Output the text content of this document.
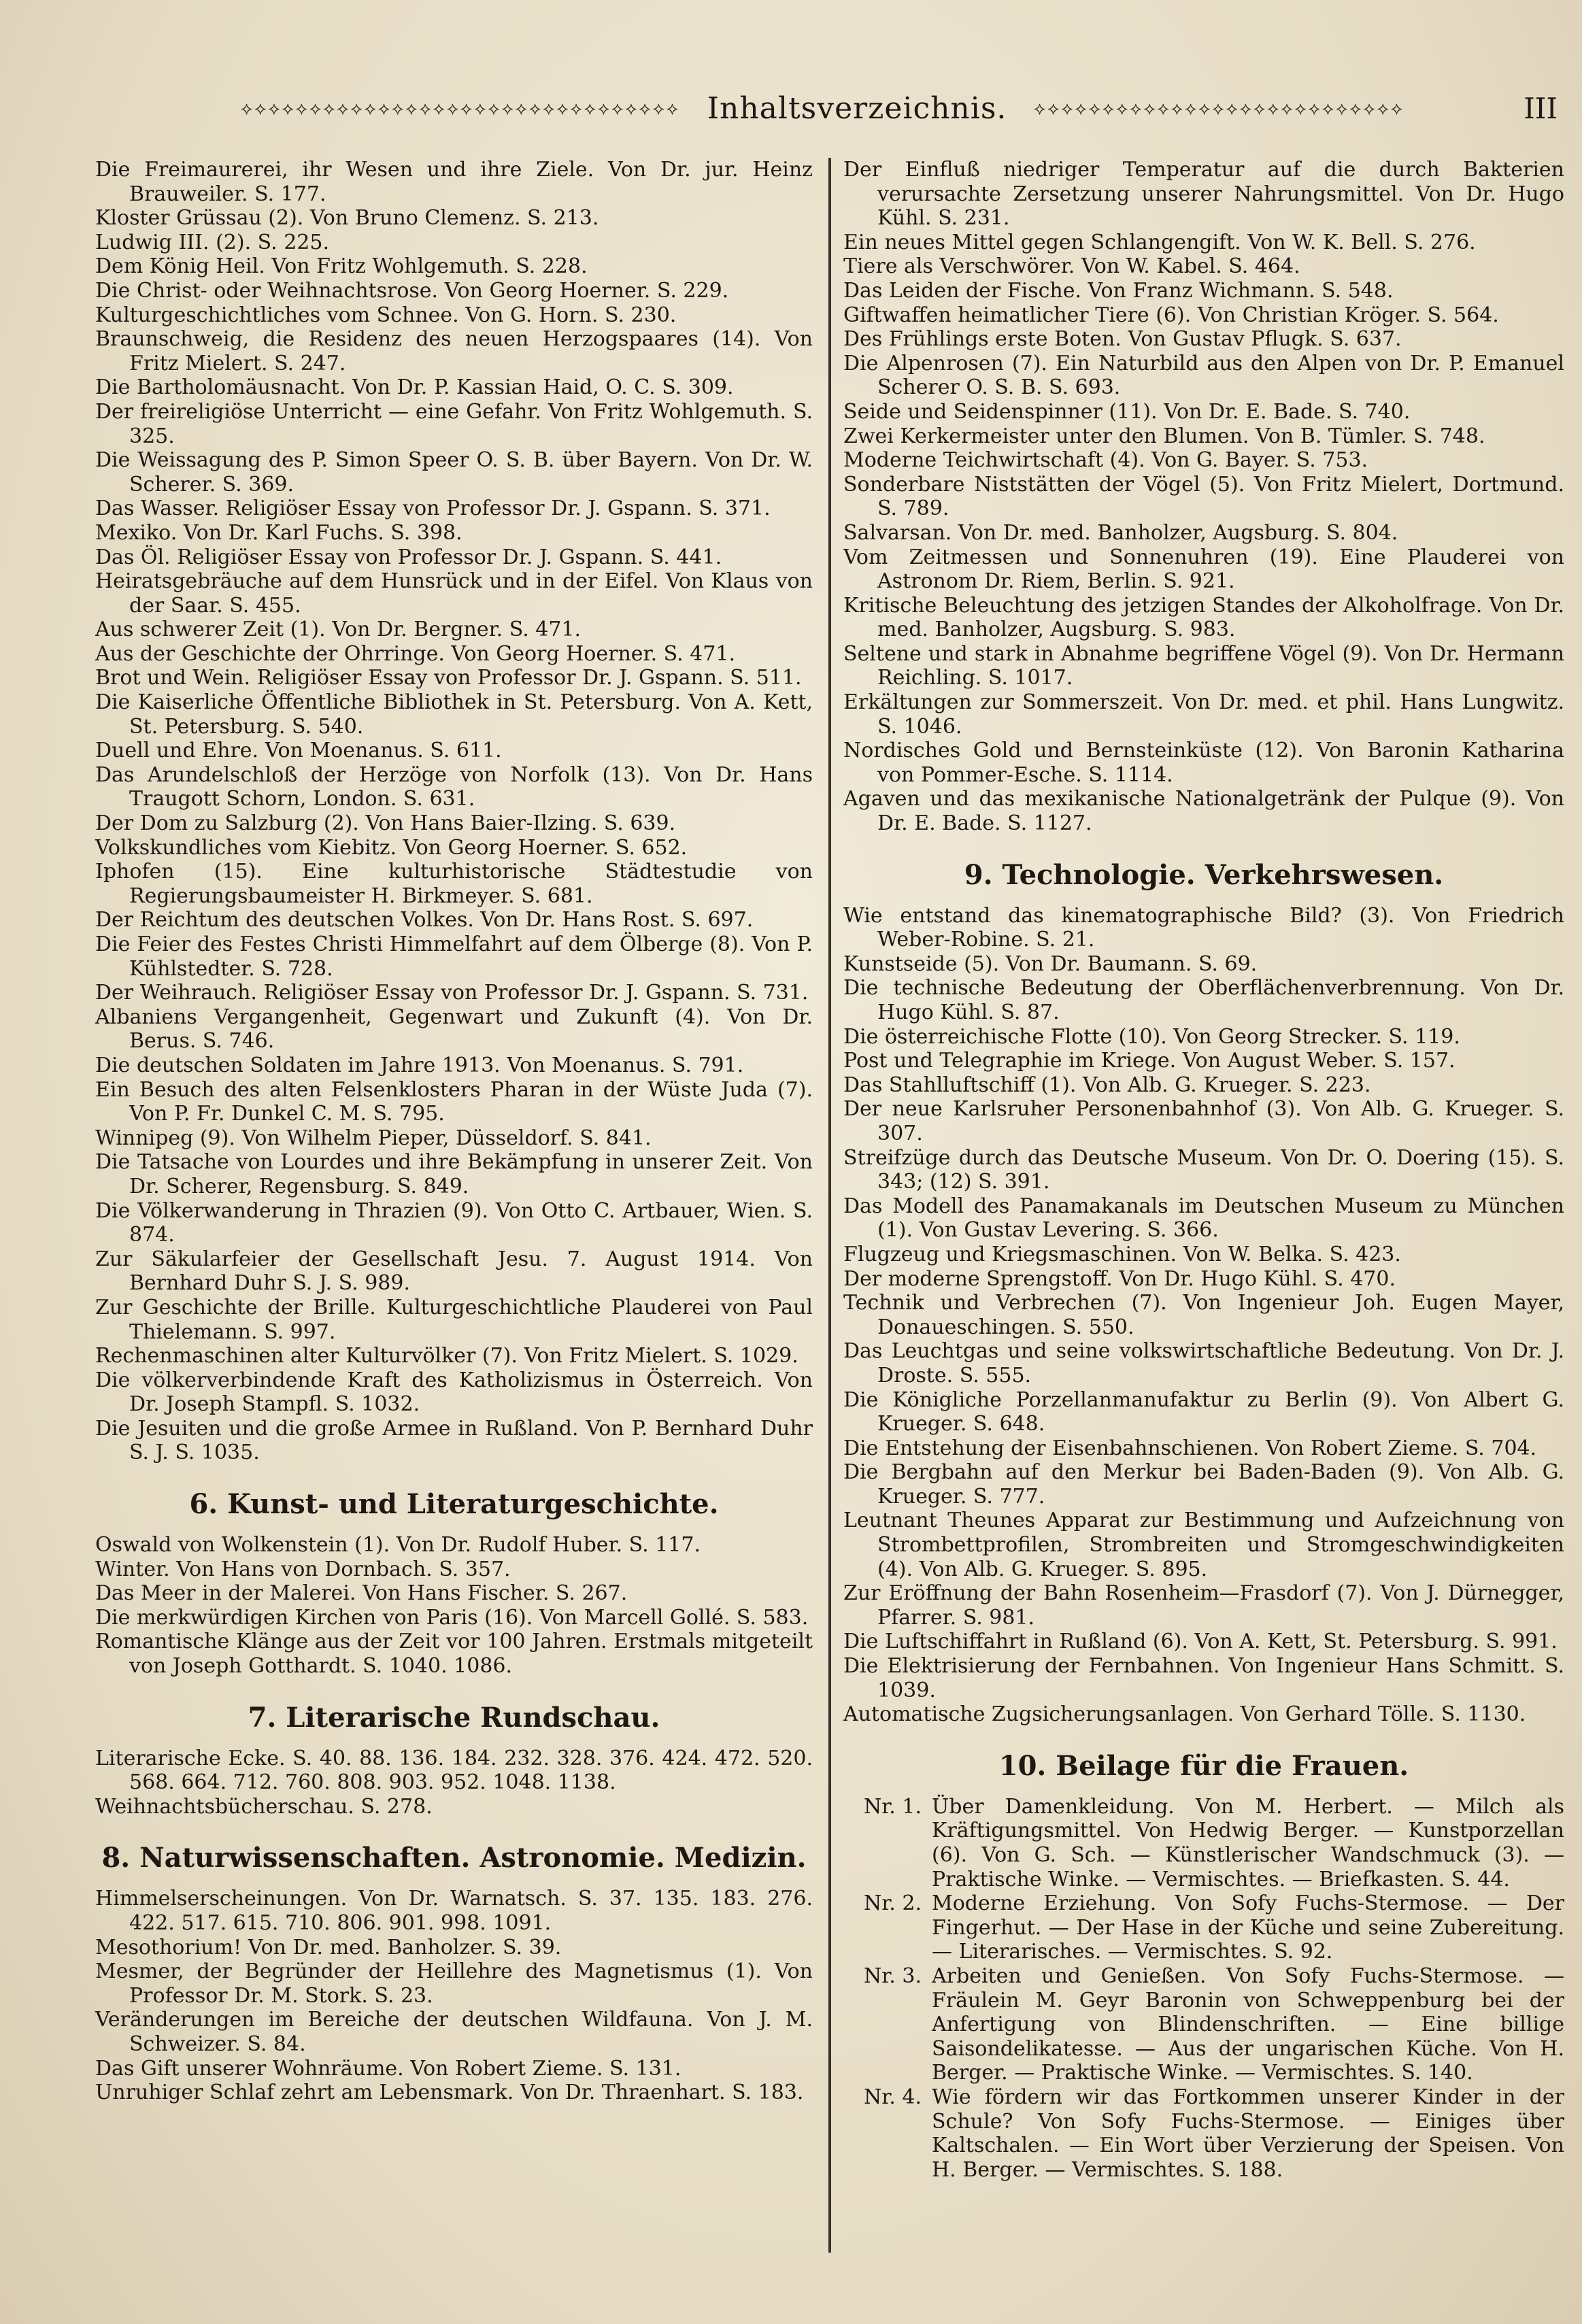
⟡⟡⟡⟡⟡⟡⟡⟡⟡⟡⟡⟡⟡⟡⟡⟡⟡⟡⟡⟡⟡⟡⟡⟡⟡⟡⟡⟡⟡⟡⟡⟡ Inhaltsverzeichnis.	⟡⟡⟡⟡⟡⟡⟡⟡⟡⟡⟡⟡⟡⟡⟡⟡⟡⟡⟡⟡⟡⟡⟡⟡⟡⟡⟡	III

Die Freimaurerei, ihr Wesen und ihre Ziele. Von Dr. jur. Heinz Brauweiler. S. 177.

Kloster Grüssau (2). Von Bruno Clemenz. S. 213.

Ludwig III. (2). S. 225.

Dem König Heil. Von Fritz Wohlgemuth. S. 228.

Die Christ- oder Weihnachtsrose. Von Georg Hoerner. S. 229.

Kulturgeschichtliches vom Schnee. Von G. Horn. S. 230.

Braunschweig, die Residenz des neuen Herzogspaares (14). Von Fritz Mielert. S. 247.

Die Bartholomäusnacht. Von Dr. P. Kassian Haid, O. C. S. 309.

Der freireligiöse Unterricht — eine Gefahr. Von Fritz Wohlgemuth. S. 325.

Die Weissagung des P. Simon Speer O. S. B. über Bayern. Von Dr. W. Scherer. S. 369.

Das Wasser. Religiöser Essay von Professor Dr. J. Gspann. S. 371.

Mexiko. Von Dr. Karl Fuchs. S. 398.

Das Öl. Religiöser Essay von Professor Dr. J. Gspann. S. 441.

Heiratsgebräuche auf dem Hunsrück und in der Eifel. Von Klaus von der Saar. S. 455.

Aus schwerer Zeit (1). Von Dr. Bergner. S. 471.

Aus der Geschichte der Ohrringe. Von Georg Hoerner. S. 471.

Brot und Wein. Religiöser Essay von Professor Dr. J. Gspann. S. 511.

Die Kaiserliche Öffentliche Bibliothek in St. Petersburg. Von A. Kett, St. Petersburg. S. 540.

Duell und Ehre. Von Moenanus. S. 611.

Das Arundelschloß der Herzöge von Norfolk (13). Von Dr. Hans Traugott Schorn, London. S. 631.

Der Dom zu Salzburg (2). Von Hans Baier-Ilzing. S. 639.

Volkskundliches vom Kiebitz. Von Georg Hoerner. S. 652.

Iphofen (15). Eine kulturhistorische Städtestudie von Regierungsbaumeister H. Birkmeyer. S. 681.

Der Reichtum des deutschen Volkes. Von Dr. Hans Rost. S. 697.

Die Feier des Festes Christi Himmelfahrt auf dem Ölberge (8). Von P. Kühlstedter. S. 728.

Der Weihrauch. Religiöser Essay von Professor Dr. J. Gspann. S. 731.

Albaniens Vergangenheit, Gegenwart und Zukunft (4). Von Dr. Berus. S. 746.

Die deutschen Soldaten im Jahre 1913. Von Moenanus. S. 791.

Ein Besuch des alten Felsenklosters Pharan in der Wüste Juda (7). Von P. Fr. Dunkel C. M. S. 795.

Winnipeg (9). Von Wilhelm Pieper, Düsseldorf. S. 841.

Die Tatsache von Lourdes und ihre Bekämpfung in unserer Zeit. Von Dr. Scherer, Regensburg. S. 849.

Die Völkerwanderung in Thrazien (9). Von Otto C. Artbauer, Wien. S. 874.

Zur Säkularfeier der Gesellschaft Jesu. 7. August 1914. Von Bernhard Duhr S. J. S. 989.

Zur Geschichte der Brille. Kulturgeschichtliche Plauderei von Paul Thielemann. S. 997.

Rechenmaschinen alter Kulturvölker (7). Von Fritz Mielert. S. 1029.

Die völkerverbindende Kraft des Katholizismus in Österreich. Von Dr. Joseph Stampfl. S. 1032.

Die Jesuiten und die große Armee in Rußland. Von P. Bernhard Duhr S. J. S. 1035.

6. Kunst- und Literaturgeschichte.

Oswald von Wolkenstein (1). Von Dr. Rudolf Huber. S. 117.

Winter. Von Hans von Dornbach. S. 357.

Das Meer in der Malerei. Von Hans Fischer. S. 267.

Die merkwürdigen Kirchen von Paris (16). Von Marcell Gollé. S. 583.

Romantische Klänge aus der Zeit vor 100 Jahren. Erstmals mitgeteilt von Joseph Gotthardt. S. 1040. 1086.

7. Literarische Rundschau.

Literarische Ecke. S. 40. 88. 136. 184. 232. 328. 376. 424. 472. 520. 568. 664. 712. 760. 808. 903. 952. 1048. 1138.

Weihnachtsbücherschau. S. 278.

8. Naturwissenschaften. Astronomie. Medizin.

Himmelserscheinungen. Von Dr. Warnatsch. S. 37. 135. 183. 276. 422. 517. 615. 710. 806. 901. 998. 1091.

Mesothorium! Von Dr. med. Banholzer. S. 39.

Mesmer, der Begründer der Heillehre des Magnetismus (1). Von Professor Dr. M. Stork. S. 23.

Veränderungen im Bereiche der deutschen Wildfauna. Von J. M. Schweizer. S. 84.

Das Gift unserer Wohnräume. Von Robert Zieme. S. 131.

Unruhiger Schlaf zehrt am Lebensmark. Von Dr. Thraenhart. S. 183.

Der Einfluß niedriger Temperatur auf die durch Bakterien verursachte Zersetzung unserer Nahrungsmittel. Von Dr. Hugo Kühl. S. 231.

Ein neues Mittel gegen Schlangengift. Von W. K. Bell. S. 276.

Tiere als Verschwörer. Von W. Kabel. S. 464.

Das Leiden der Fische. Von Franz Wichmann. S. 548.

Giftwaffen heimatlicher Tiere (6). Von Christian Kröger. S. 564.

Des Frühlings erste Boten. Von Gustav Pflugk. S. 637.

Die Alpenrosen (7). Ein Naturbild aus den Alpen von Dr. P. Emanuel Scherer O. S. B. S. 693.

Seide und Seidenspinner (11). Von Dr. E. Bade. S. 740.

Zwei Kerkermeister unter den Blumen. Von B. Tümler. S. 748.

Moderne Teichwirtschaft (4). Von G. Bayer. S. 753.

Sonderbare Niststätten der Vögel (5). Von Fritz Mielert, Dortmund. S. 789.

Salvarsan. Von Dr. med. Banholzer, Augsburg. S. 804.

Vom Zeitmessen und Sonnenuhren (19). Eine Plauderei von Astronom Dr. Riem, Berlin. S. 921.

Kritische Beleuchtung des jetzigen Standes der Alkoholfrage. Von Dr. med. Banholzer, Augsburg. S. 983.

Seltene und stark in Abnahme begriffene Vögel (9). Von Dr. Hermann Reichling. S. 1017.

Erkältungen zur Sommerszeit. Von Dr. med. et phil. Hans Lungwitz. S. 1046.

Nordisches Gold und Bernsteinküste (12). Von Baronin Katharina von Pommer-Esche. S. 1114.

Agaven und das mexikanische Nationalgetränk der Pulque (9). Von Dr. E. Bade. S. 1127.

9. Technologie. Verkehrswesen.

Wie entstand das kinematographische Bild? (3). Von Friedrich Weber-Robine. S. 21.

Kunstseide (5). Von Dr. Baumann. S. 69.

Die technische Bedeutung der Oberflächenverbrennung. Von Dr. Hugo Kühl. S. 87.

Die österreichische Flotte (10). Von Georg Strecker. S. 119.

Post und Telegraphie im Kriege. Von August Weber. S. 157.

Das Stahlluftschiff (1). Von Alb. G. Krueger. S. 223.

Der neue Karlsruher Personenbahnhof (3). Von Alb. G. Krueger. S. 307.

Streifzüge durch das Deutsche Museum. Von Dr. O. Doering (15). S. 343; (12) S. 391.

Das Modell des Panamakanals im Deutschen Museum zu München (1). Von Gustav Levering. S. 366.

Flugzeug und Kriegsmaschinen. Von W. Belka. S. 423.

Der moderne Sprengstoff. Von Dr. Hugo Kühl. S. 470.

Technik und Verbrechen (7). Von Ingenieur Joh. Eugen Mayer, Donaueschingen. S. 550.

Das Leuchtgas und seine volkswirtschaftliche Bedeutung. Von Dr. J. Droste. S. 555.

Die Königliche Porzellanmanufaktur zu Berlin (9). Von Albert G. Krueger. S. 648.

Die Entstehung der Eisenbahnschienen. Von Robert Zieme. S. 704.

Die Bergbahn auf den Merkur bei Baden-Baden (9). Von Alb. G. Krueger. S. 777.

Leutnant Theunes Apparat zur Bestimmung und Aufzeichnung von Strombettprofilen, Strombreiten und Stromgeschwindigkeiten (4). Von Alb. G. Krueger. S. 895.

Zur Eröffnung der Bahn Rosenheim—Frasdorf (7). Von J. Dürnegger, Pfarrer. S. 981.

Die Luftschiffahrt in Rußland (6). Von A. Kett, St. Petersburg. S. 991.

Die Elektrisierung der Fernbahnen. Von Ingenieur Hans Schmitt. S. 1039.

Automatische Zugsicherungsanlagen. Von Gerhard Tölle. S. 1130.

10. Beilage für die Frauen.
Nr. 1. Über Damenkleidung. Von M. Herbert. — Milch als Kräftigungsmittel. Von Hedwig Berger. — Kunstporzellan (6). Von G. Sch. — Künstlerischer Wandschmuck (3). — Praktische Winke. — Vermischtes. — Briefkasten. S. 44.
Nr. 2. Moderne Erziehung. Von Sofy Fuchs-Stermose. — Der Fingerhut. — Der Hase in der Küche und seine Zubereitung. — Literarisches. — Vermischtes. S. 92.
Nr. 3. Arbeiten und Genießen. Von Sofy Fuchs-Stermose. — Fräulein M. Geyr Baronin von Schweppenburg bei der Anfertigung von Blindenschriften. — Eine billige Saisondelikatesse. — Aus der ungarischen Küche. Von H. Berger. — Praktische Winke. — Vermischtes. S. 140.
Nr. 4. Wie fördern wir das Fortkommen unserer Kinder in der Schule? Von Sofy Fuchs-Stermose. — Einiges über Kaltschalen. — Ein Wort über Verzierung der Speisen. Von H. Berger. — Vermischtes. S. 188.
